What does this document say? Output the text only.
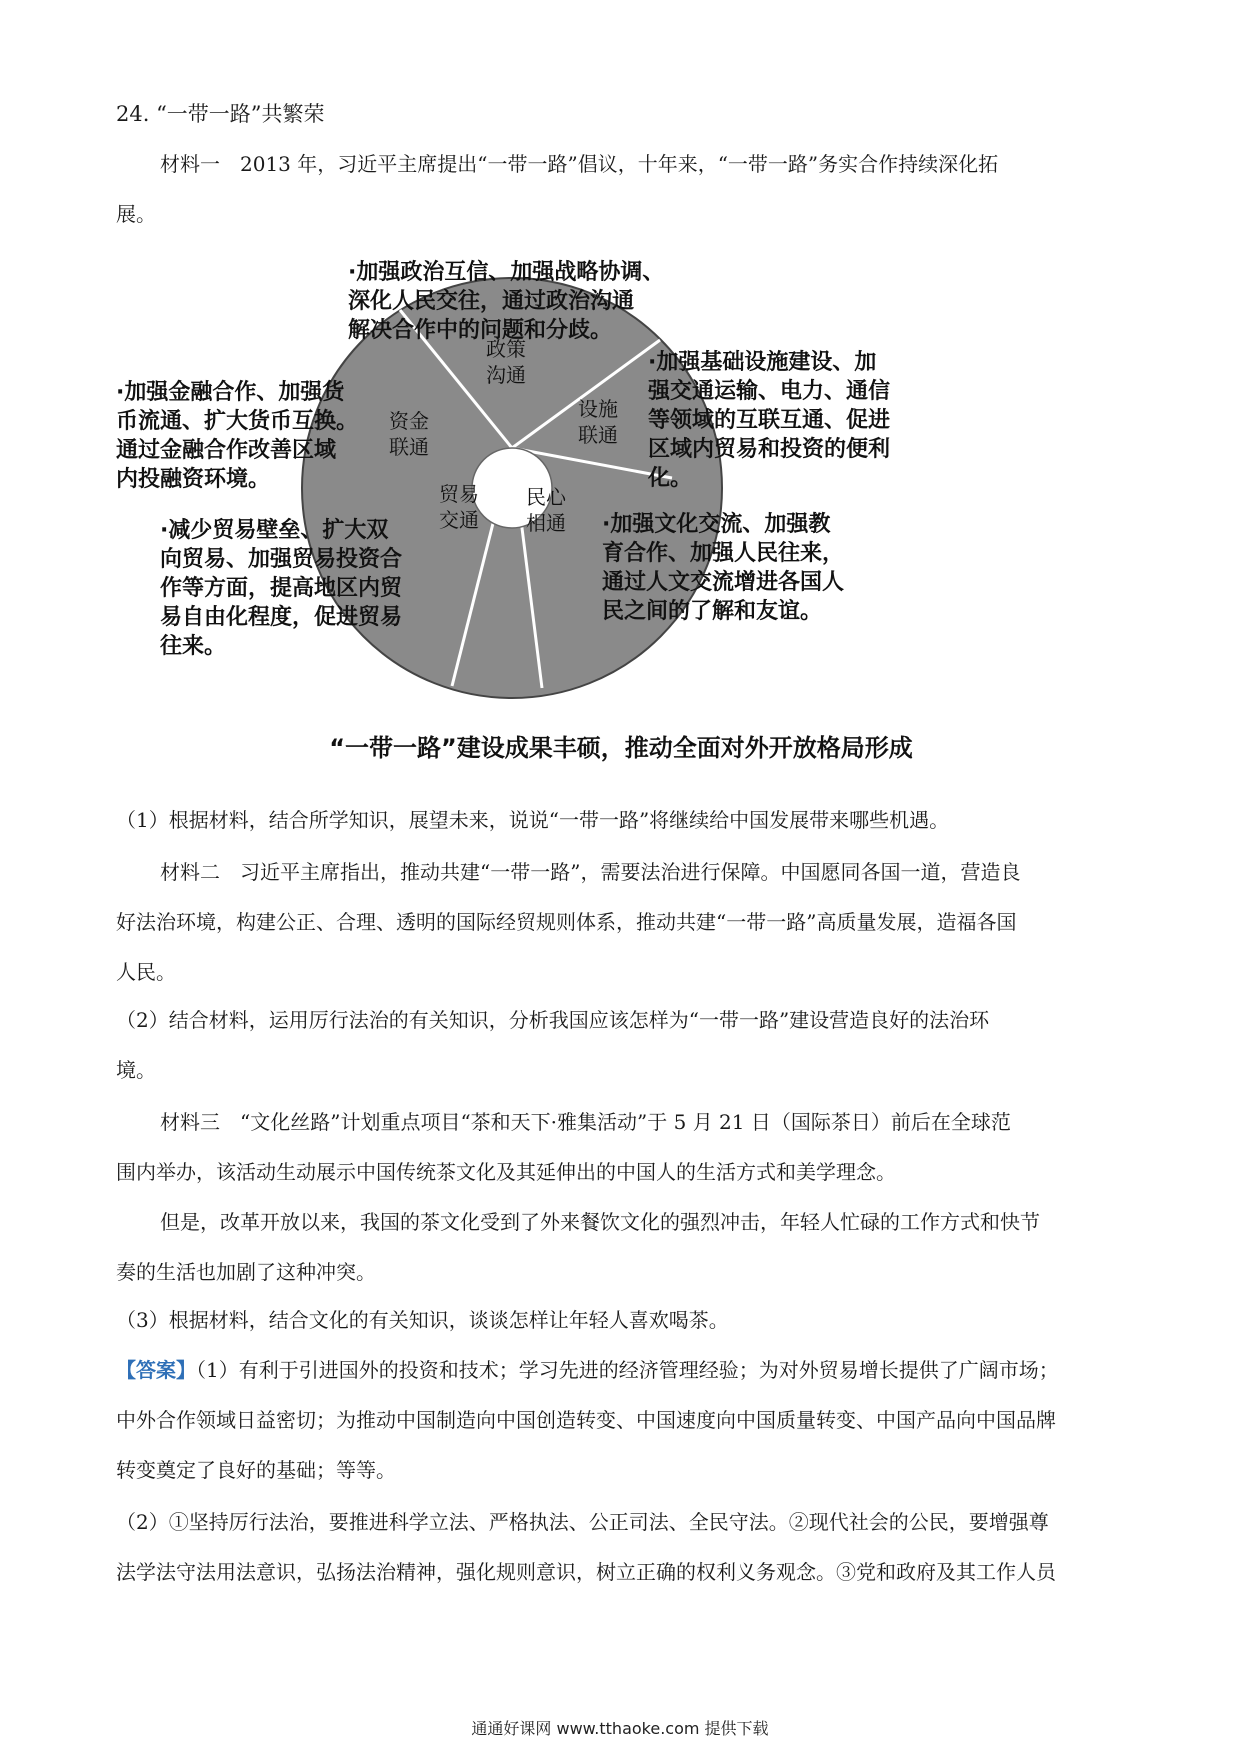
24. “一带一路”共繁荣
材料一　2013 年，习近平主席提出“一带一路”倡议，十年来，“一带一路”务实合作持续深化拓
展。
政策
沟通
设施
联通
资金
联通
贸易
交通
民心
相通
·加强政治互信、加强战略协调、
深化人民交往，通过政治沟通
解决合作中的问题和分歧。
·加强基础设施建设、加
强交通运输、电力、通信
等领域的互联互通、促进
区域内贸易和投资的便利
化。
·加强金融合作、加强货
币流通、扩大货币互换。
通过金融合作改善区域
内投融资环境。
·减少贸易壁垒、扩大双
向贸易、加强贸易投资合
作等方面，提高地区内贸
易自由化程度，促进贸易
往来。
·加强文化交流、加强教
育合作、加强人民往来，
通过人文交流增进各国人
民之间的了解和友谊。
“一带一路”建设成果丰硕，推动全面对外开放格局形成
（1）根据材料，结合所学知识，展望未来，说说“一带一路”将继续给中国发展带来哪些机遇。
材料二　习近平主席指出，推动共建“一带一路”，需要法治进行保障。中国愿同各国一道，营造良
好法治环境，构建公正、合理、透明的国际经贸规则体系，推动共建“一带一路”高质量发展，造福各国
人民。
（2）结合材料，运用厉行法治的有关知识，分析我国应该怎样为“一带一路”建设营造良好的法治环
境。
材料三　“文化丝路”计划重点项目“茶和天下·雅集活动”于 5 月 21 日（国际茶日）前后在全球范
围内举办，该活动生动展示中国传统茶文化及其延伸出的中国人的生活方式和美学理念。
但是，改革开放以来，我国的茶文化受到了外来餐饮文化的强烈冲击，年轻人忙碌的工作方式和快节
奏的生活也加剧了这种冲突。
（3）根据材料，结合文化的有关知识，谈谈怎样让年轻人喜欢喝茶。
【答案】（1）有利于引进国外的投资和技术；学习先进的经济管理经验；为对外贸易增长提供了广阔市场；
中外合作领域日益密切；为推动中国制造向中国创造转变、中国速度向中国质量转变、中国产品向中国品牌
转变奠定了良好的基础；等等。
（2）①坚持厉行法治，要推进科学立法、严格执法、公正司法、全民守法。②现代社会的公民，要增强尊
法学法守法用法意识，弘扬法治精神，强化规则意识，树立正确的权利义务观念。③党和政府及其工作人员
通通好课网 www.tthaoke.com 提供下载
